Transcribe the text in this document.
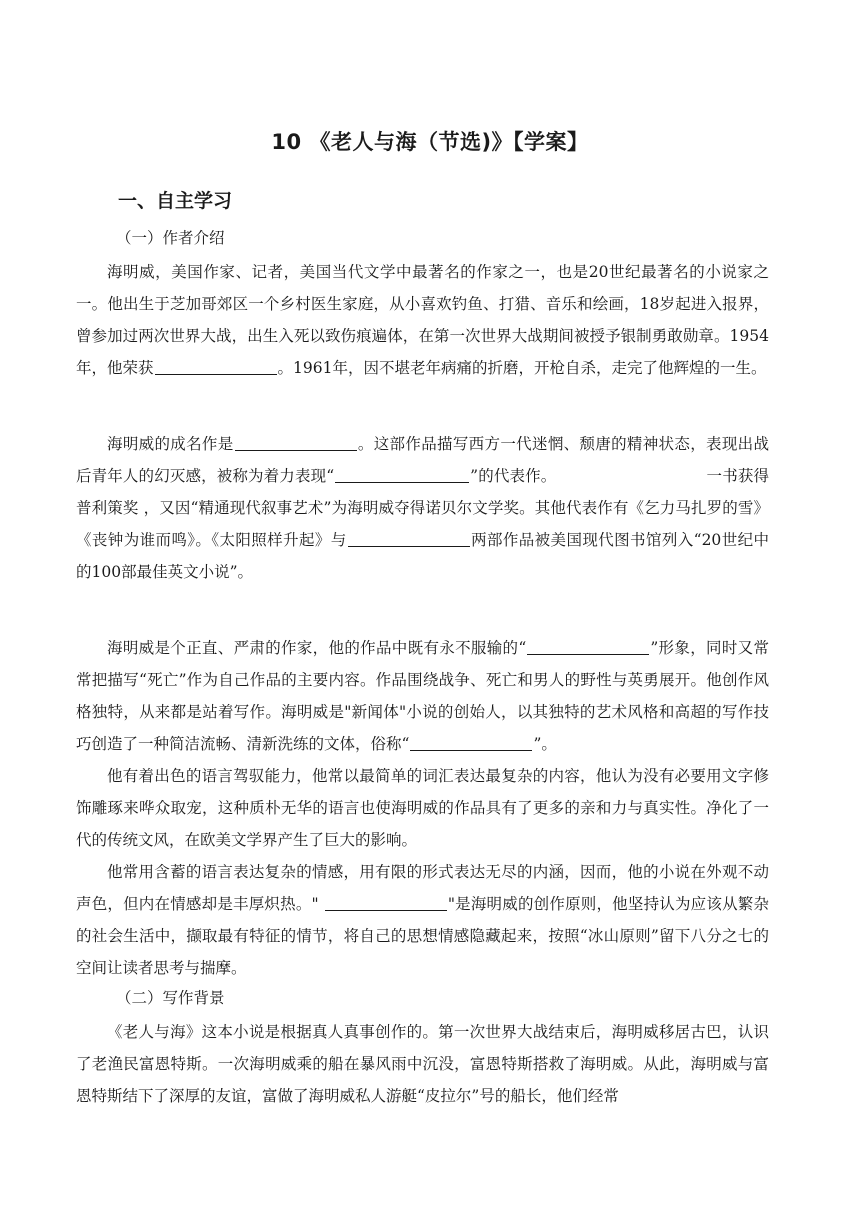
10 《老人与海（节选)》【学案】
一、自主学习
（一）作者介绍

海明威，美国作家、记者，美国当代文学中最著名的作家之一，也是20世纪最著名的小说家之一。他出生于芝加哥郊区一个乡村医生家庭，从小喜欢钓鱼、打猎、音乐和绘画，18岁起进入报界，曾参加过两次世界大战，出生入死以致伤痕遍体，在第一次世界大战期间被授予银制勇敢勋章。1954年，他荣获	。1961年，因不堪老年病痛的折磨，开枪自杀，走完了他辉煌的一生。

海明威的成名作是	。这部作品描写西方一代迷惘、颓唐的精神状态，表现出战后青年人的幻灭感，被称为着力表现“	”的代表作。	一书获得普利策奖 ，又因“精通现代叙事艺术”为海明威夺得诺贝尔文学奖。其他代表作有《乞力马扎罗的雪》《丧钟为谁而鸣》。《太阳照样升起》与	两部作品被美国现代图书馆列入“20世纪中的100部最佳英文小说”。

海明威是个正直、严肃的作家，他的作品中既有永不服输的“	”形象，同时又常常把描写“死亡”作为自己作品的主要内容。作品围绕战争、死亡和男人的野性与英勇展开。他创作风格独特，从来都是站着写作。海明威是"新闻体"小说的创始人，以其独特的艺术风格和高超的写作技巧创造了一种简洁流畅、清新洗练的文体，俗称“	”。

他有着出色的语言驾驭能力，他常以最简单的词汇表达最复杂的内容，他认为没有必要用文字修饰雕琢来哗众取宠，这种质朴无华的语言也使海明威的作品具有了更多的亲和力与真实性。净化了一代的传统文风，在欧美文学界产生了巨大的影响。

他常用含蓄的语言表达复杂的情感，用有限的形式表达无尽的内涵，因而，他的小说在外观不动声色，但内在情感却是丰厚炽热。"	"是海明威的创作原则，他坚持认为应该从繁杂的社会生活中，撷取最有特征的情节，将自己的思想情感隐藏起来，按照“冰山原则”留下八分之七的空间让读者思考与揣摩。

（二）写作背景

《老人与海》这本小说是根据真人真事创作的。第一次世界大战结束后，海明威移居古巴，认识了老渔民富恩特斯。一次海明威乘的船在暴风雨中沉没，富恩特斯搭救了海明威。从此，海明威与富恩特斯结下了深厚的友谊，富做了海明威私人游艇“皮拉尔”号的船长，他们经常
